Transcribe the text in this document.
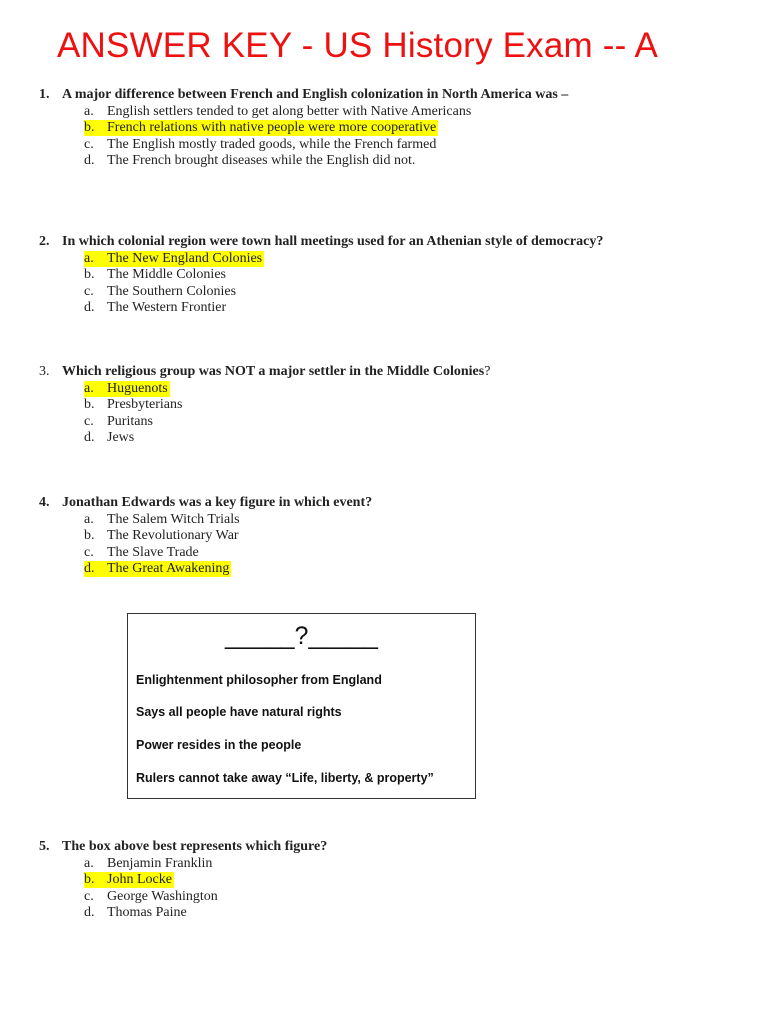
ANSWER KEY - US History Exam -- A
1. A major difference between French and English colonization in North America was –
a. English settlers tended to get along better with Native Americans
b. French relations with native people were more cooperative
c. The English mostly traded goods, while the French farmed
d. The French brought diseases while the English did not.
2. In which colonial region were town hall meetings used for an Athenian style of democracy?
a. The New England Colonies
b. The Middle Colonies
c. The Southern Colonies
d. The Western Frontier
3. Which religious group was NOT a major settler in the Middle Colonies?
a. Huguenots
b. Presbyterians
c. Puritans
d. Jews
4. Jonathan Edwards was a key figure in which event?
a. The Salem Witch Trials
b. The Revolutionary War
c. The Slave Trade
d. The Great Awakening
_____?_____
Enlightenment philosopher from England
Says all people have natural rights
Power resides in the people
Rulers cannot take away “Life, liberty, & property”
5. The box above best represents which figure?
a. Benjamin Franklin
b. John Locke
c. George Washington
d. Thomas Paine
